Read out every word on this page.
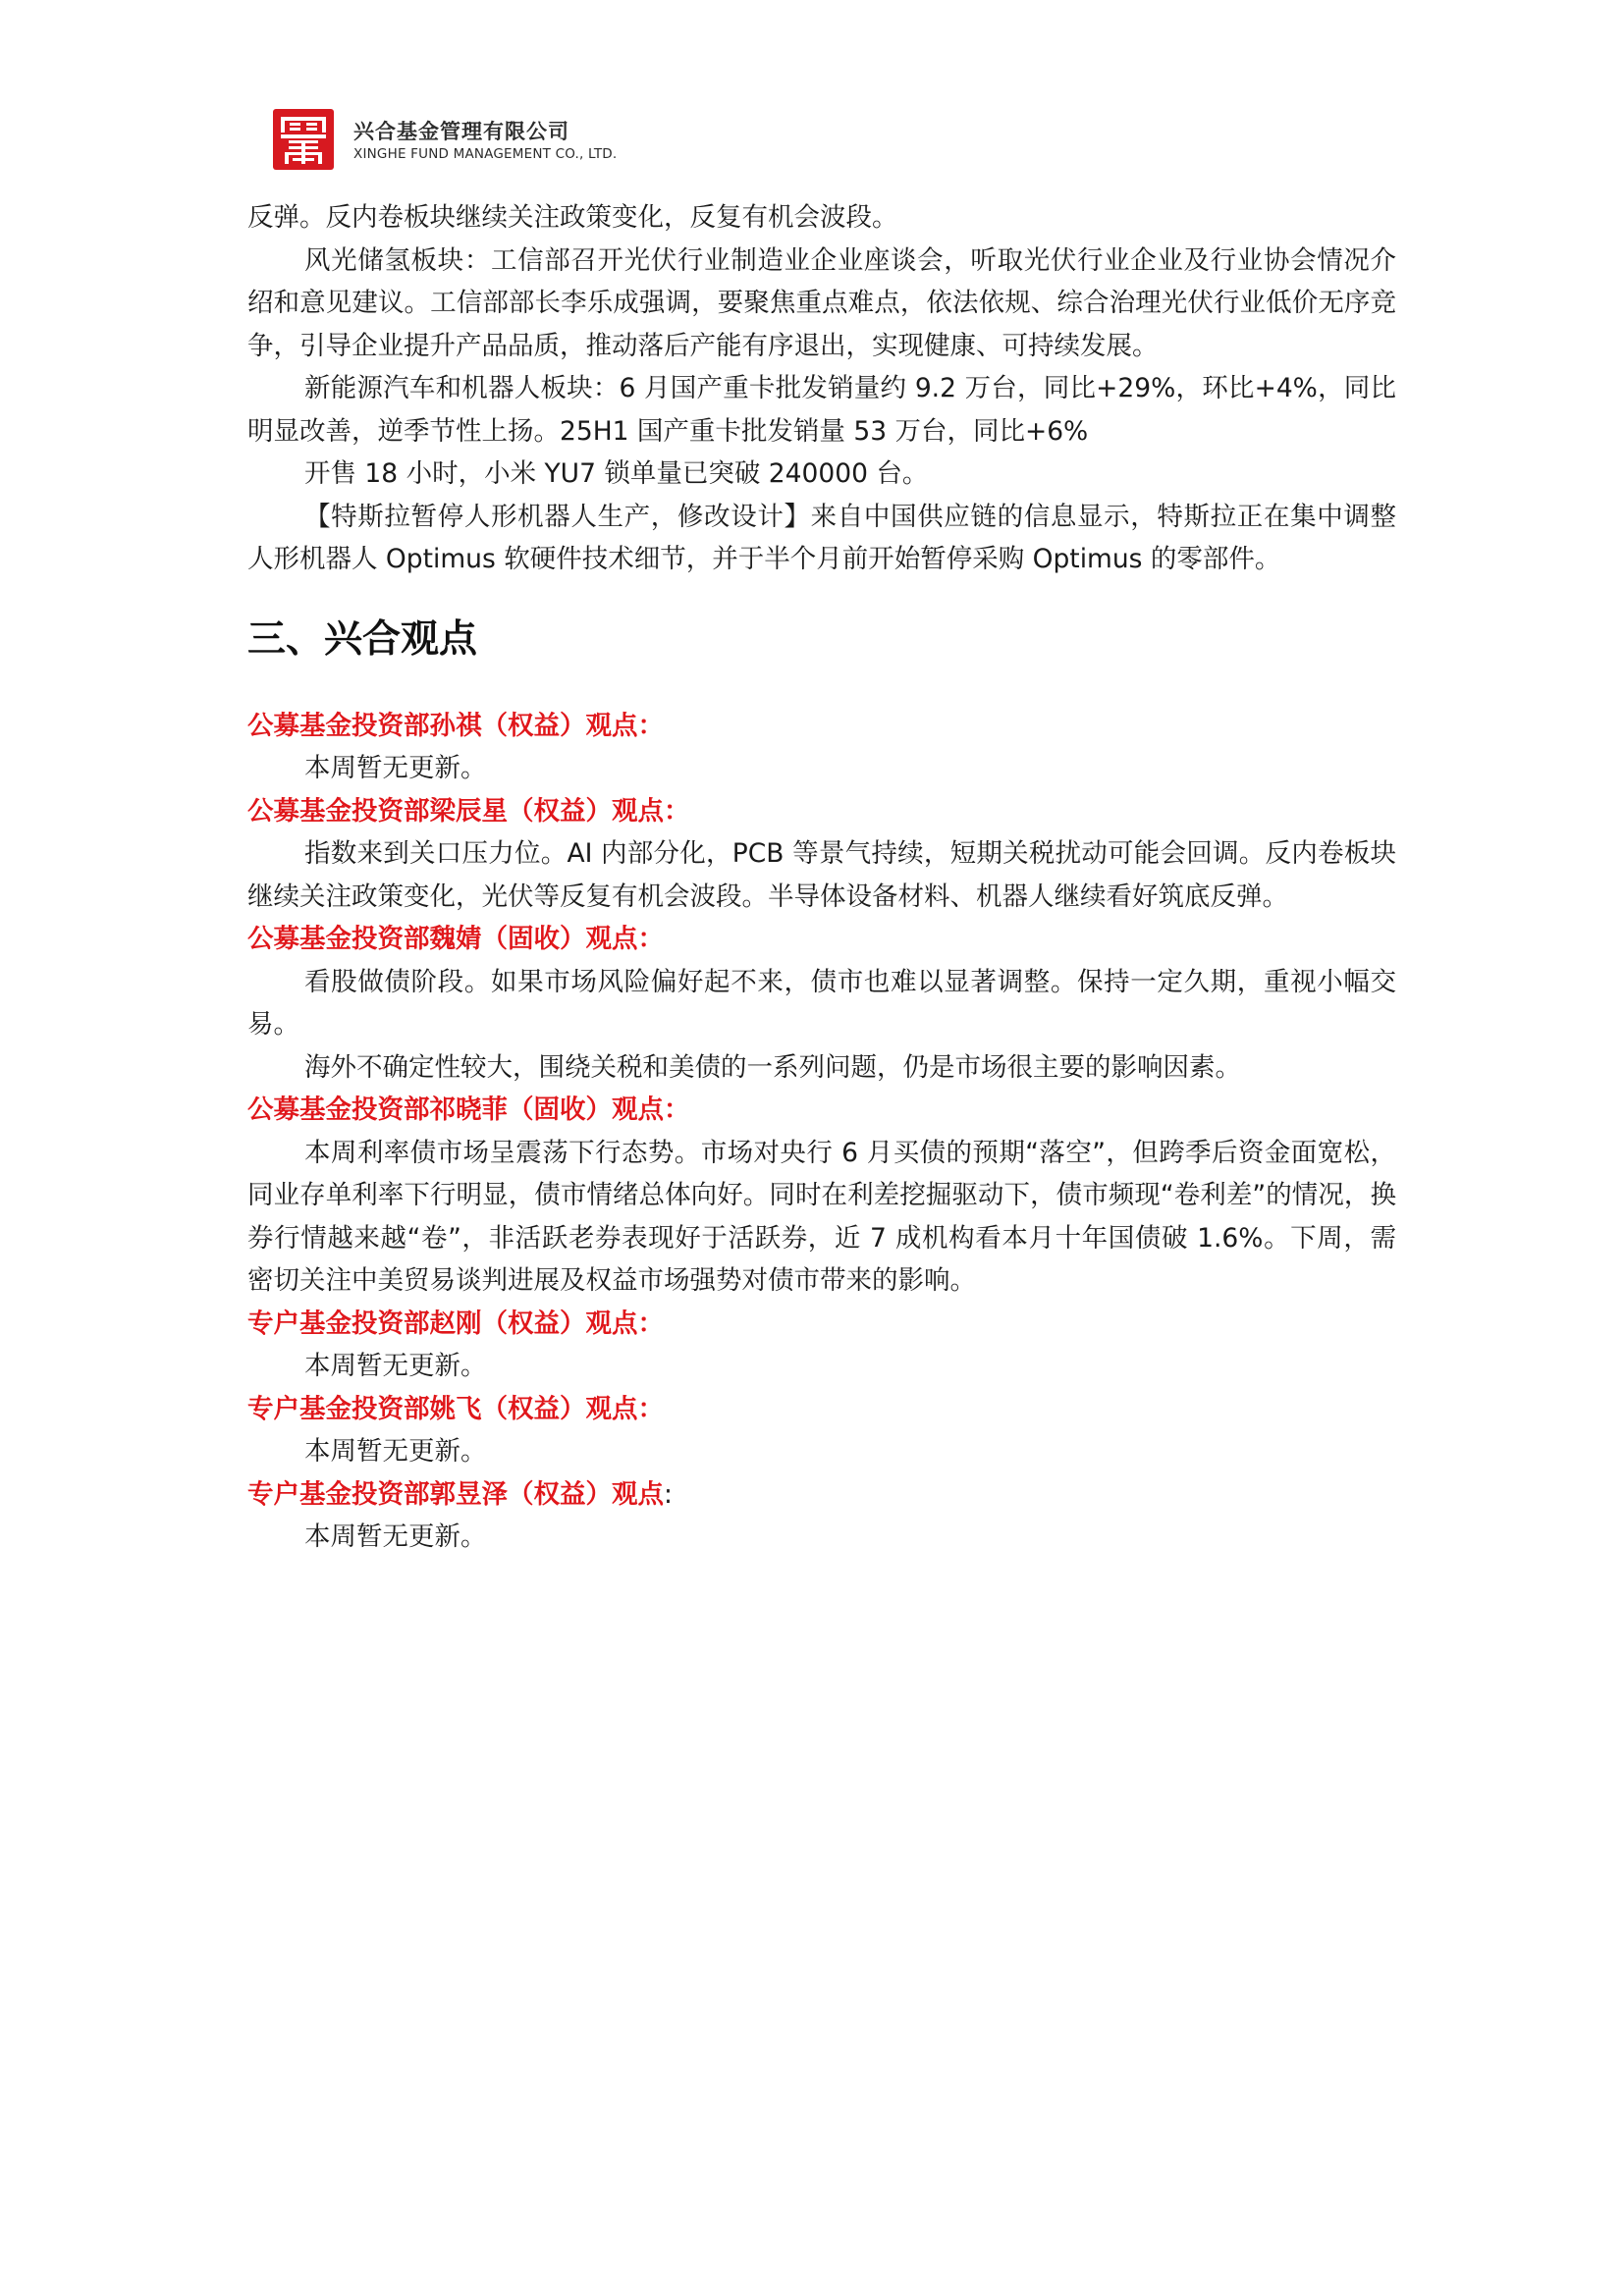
兴合基金管理有限公司
XINGHE FUND MANAGEMENT CO., LTD.

反弹。反内卷板块继续关注政策变化，反复有机会波段。

风光储氢板块：工信部召开光伏行业制造业企业座谈会，听取光伏行业企业及行业协会情况介绍和意见建议。工信部部长李乐成强调，要聚焦重点难点，依法依规、综合治理光伏行业低价无序竞争，引导企业提升产品品质，推动落后产能有序退出，实现健康、可持续发展。

新能源汽车和机器人板块：6 月国产重卡批发销量约 9.2 万台，同比+29%，环比+4%，同比明显改善，逆季节性上扬。25H1 国产重卡批发销量 53 万台，同比+6%

开售 18 小时，小米 YU7 锁单量已突破 240000 台。

【特斯拉暂停人形机器人生产，修改设计】来自中国供应链的信息显示，特斯拉正在集中调整人形机器人 Optimus 软硬件技术细节，并于半个月前开始暂停采购 Optimus 的零部件。

三、兴合观点

公募基金投资部孙祺（权益）观点：

本周暂无更新。

公募基金投资部梁辰星（权益）观点：

指数来到关口压力位。AI 内部分化，PCB 等景气持续，短期关税扰动可能会回调。反内卷板块继续关注政策变化，光伏等反复有机会波段。半导体设备材料、机器人继续看好筑底反弹。

公募基金投资部魏婧（固收）观点：

看股做债阶段。如果市场风险偏好起不来，债市也难以显著调整。保持一定久期，重视小幅交易。

海外不确定性较大，围绕关税和美债的一系列问题，仍是市场很主要的影响因素。

公募基金投资部祁晓菲（固收）观点：

本周利率债市场呈震荡下行态势。市场对央行 6 月买债的预期“落空”，但跨季后资金面宽松，同业存单利率下行明显，债市情绪总体向好。同时在利差挖掘驱动下，债市频现“卷利差”的情况，换券行情越来越“卷”，非活跃老券表现好于活跃券，近 7 成机构看本月十年国债破 1.6%。下周，需密切关注中美贸易谈判进展及权益市场强势对债市带来的影响。

专户基金投资部赵刚（权益）观点：

本周暂无更新。

专户基金投资部姚飞（权益）观点：

本周暂无更新。

专户基金投资部郭昱泽（权益）观点:

本周暂无更新。
